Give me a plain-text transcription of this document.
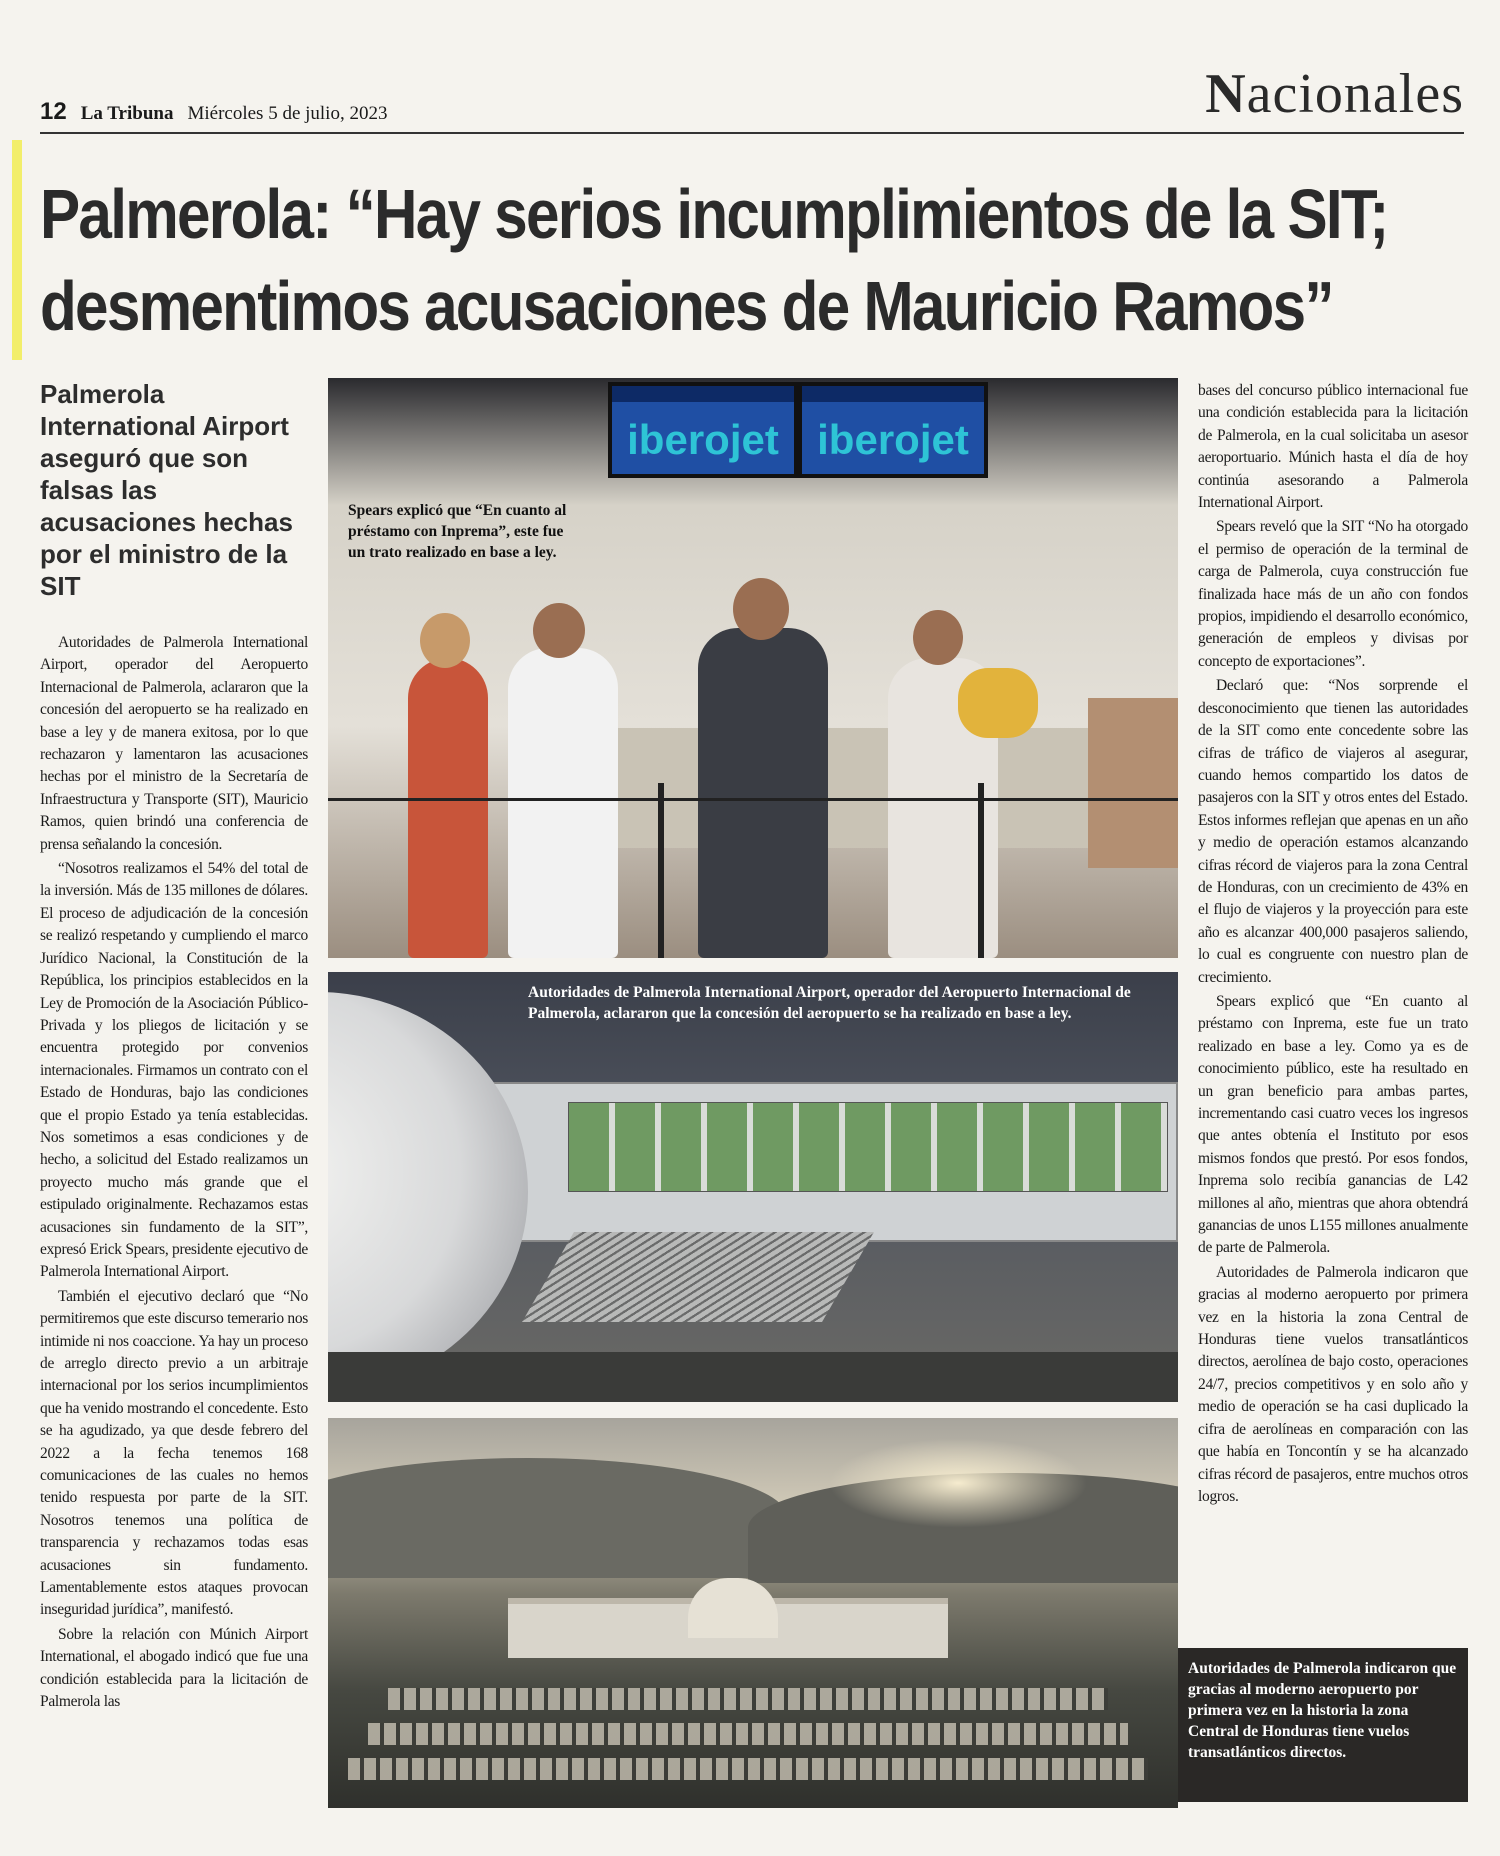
12 La Tribuna Miércoles 5 de julio, 2023	Nacionales
Palmerola: “Hay serios incumplimientos de la SIT;
desmentimos acusaciones de Mauricio Ramos”
Palmerola International Airport aseguró que son falsas las acusaciones hechas por el ministro de la SIT

Autoridades de Palmerola International Airport, operador del Aeropuerto Internacional de Palmerola, aclararon que la concesión del aeropuerto se ha realizado en base a ley y de manera exitosa, por lo que rechazaron y lamentaron las acusaciones hechas por el ministro de la Secretaría de Infraestructura y Transporte (SIT), Mauricio Ramos, quien brindó una conferencia de prensa señalando la concesión.

“Nosotros realizamos el 54% del total de la inversión. Más de 135 millones de dólares. El proceso de adjudicación de la concesión se realizó respetando y cumpliendo el marco Jurídico Nacional, la Constitución de la República, los principios establecidos en la Ley de Promoción de la Asociación Público-Privada y los pliegos de licitación y se encuentra protegido por convenios internacionales. Firmamos un contrato con el Estado de Honduras, bajo las condiciones que el propio Estado ya tenía establecidas. Nos sometimos a esas condiciones y de hecho, a solicitud del Estado realizamos un proyecto mucho más grande que el estipulado originalmente. Rechazamos estas acusaciones sin fundamento de la SIT”, expresó Erick Spears, presidente ejecutivo de Palmerola International Airport.

También el ejecutivo declaró que “No permitiremos que este discurso temerario nos intimide ni nos coaccione. Ya hay un proceso de arreglo directo previo a un arbitraje internacional por los serios incumplimientos que ha venido mostrando el concedente. Esto se ha agudizado, ya que desde febrero del 2022 a la fecha tenemos 168 comunicaciones de las cuales no hemos tenido respuesta por parte de la SIT. Nosotros tenemos una política de transparencia y rechazamos todas esas acusaciones sin fundamento. Lamentablemente estos ataques provocan inseguridad jurídica”, manifestó.

Sobre la relación con Múnich Airport International, el abogado indicó que fue una condición establecida para la licitación de Palmerola las

iberojet iberojet
Spears explicó que “En cuanto al préstamo con Inprema”, este fue un trato realizado en base a ley.
Autoridades de Palmerola International Airport, operador del Aeropuerto Internacional de Palmerola, aclararon que la concesión del aeropuerto se ha realizado en base a ley.

bases del concurso público internacional fue una condición establecida para la licitación de Palmerola, en la cual solicitaba un asesor aeroportuario. Múnich hasta el día de hoy continúa asesorando a Palmerola International Airport.

Spears reveló que la SIT “No ha otorgado el permiso de operación de la terminal de carga de Palmerola, cuya construcción fue finalizada hace más de un año con fondos propios, impidiendo el desarrollo económico, generación de empleos y divisas por concepto de exportaciones”.

Declaró que: “Nos sorprende el desconocimiento que tienen las autoridades de la SIT como ente concedente sobre las cifras de tráfico de viajeros al asegurar, cuando hemos compartido los datos de pasajeros con la SIT y otros entes del Estado. Estos informes reflejan que apenas en un año y medio de operación estamos alcanzando cifras récord de viajeros para la zona Central de Honduras, con un crecimiento de 43% en el flujo de viajeros y la proyección para este año es alcanzar 400,000 pasajeros saliendo, lo cual es congruente con nuestro plan de crecimiento.

Spears explicó que “En cuanto al préstamo con Inprema, este fue un trato realizado en base a ley. Como ya es de conocimiento público, este ha resultado en un gran beneficio para ambas partes, incrementando casi cuatro veces los ingresos que antes obtenía el Instituto por esos mismos fondos que prestó. Por esos fondos, Inprema solo recibía ganancias de L42 millones al año, mientras que ahora obtendrá ganancias de unos L155 millones anualmente de parte de Palmerola.

Autoridades de Palmerola indicaron que gracias al moderno aeropuerto por primera vez en la historia la zona Central de Honduras tiene vuelos transatlánticos directos, aerolínea de bajo costo, operaciones 24/7, precios competitivos y en solo año y medio de operación se ha casi duplicado la cifra de aerolíneas en comparación con las que había en Toncontín y se ha alcanzado cifras récord de pasajeros, entre muchos otros logros.

Autoridades de Palmerola indicaron que gracias al moderno aeropuerto por primera vez en la historia la zona Central de Honduras tiene vuelos transatlánticos directos.
